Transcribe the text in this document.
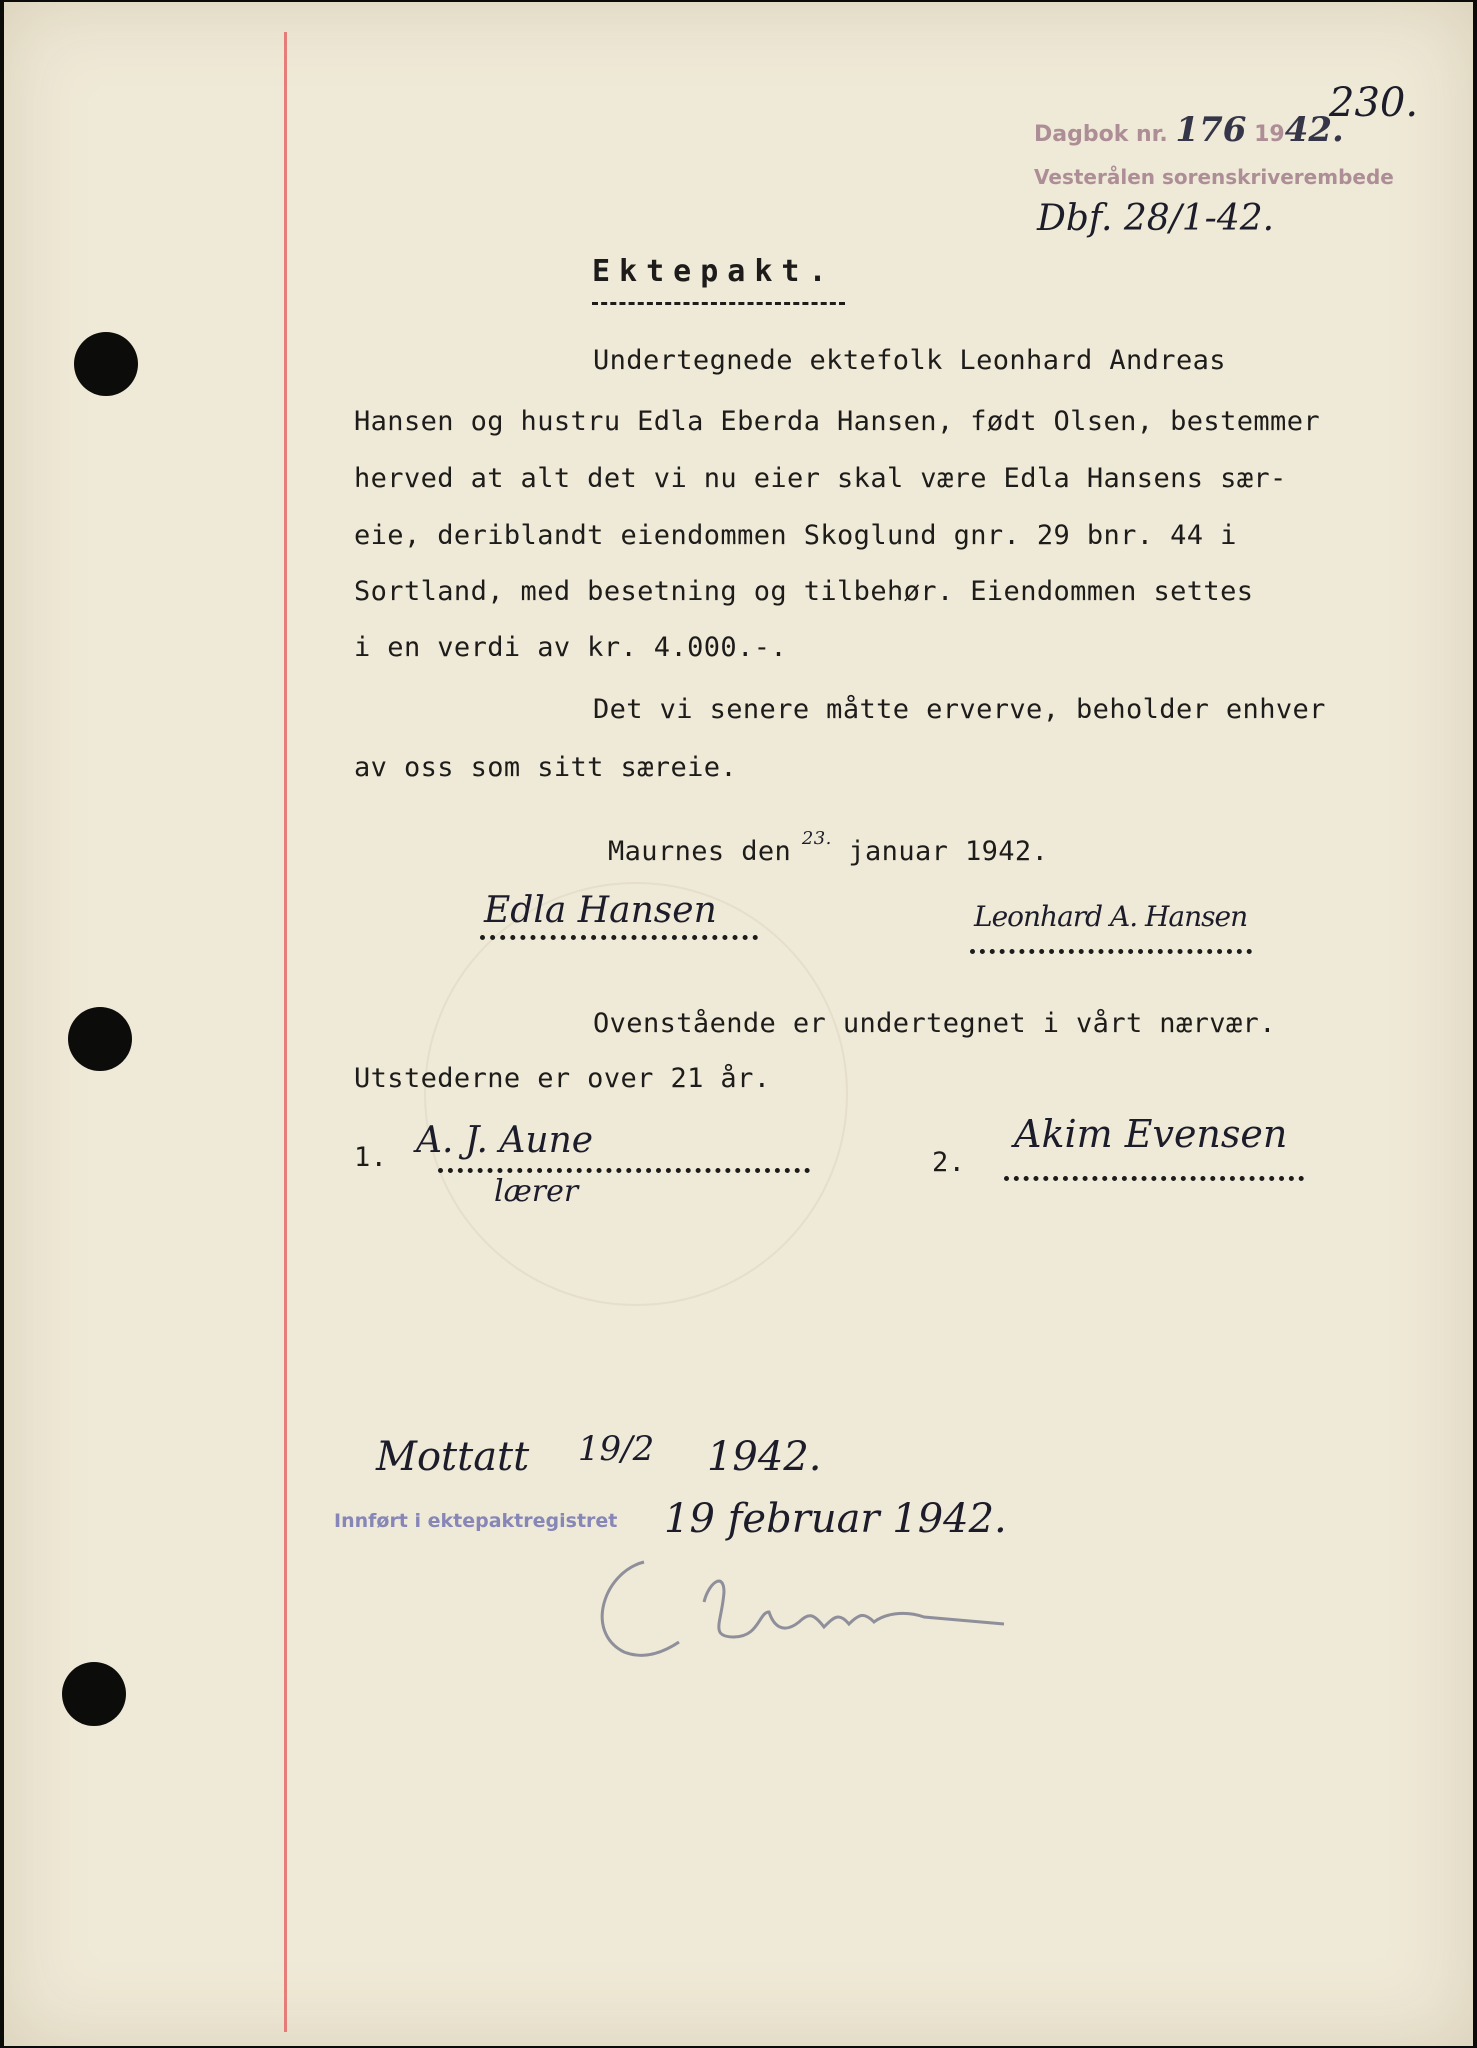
230.
Dagbok nr. 176 1942.
Vesterålen sorenskriverembede
Dbf. 28/1-42.
Ektepakt.
Undertegnede ektefolk Leonhard Andreas
Hansen og hustru Edla Eberda Hansen, født Olsen, bestemmer
herved at alt det vi nu eier skal være Edla Hansens sær-
eie, deriblandt eiendommen Skoglund gnr. 29 bnr. 44 i
Sortland, med besetning og tilbehør. Eiendommen settes
i en verdi av kr. 4.000.-.
Det vi senere måtte erverve, beholder enhver
av oss som sitt særeie.
Maurnes den $^{23.}$ januar 1942.
Edla Hansen	Leonhard A. Hansen
Ovenstående er undertegnet i vårt nærvær.
Utstederne er over 21 år.
1. A. J. Aune
lærer
2.
Akim Evensen
Mottatt $^{19/2}$ 1942.
Innført i ektepaktregistret 19 februar 1942.
